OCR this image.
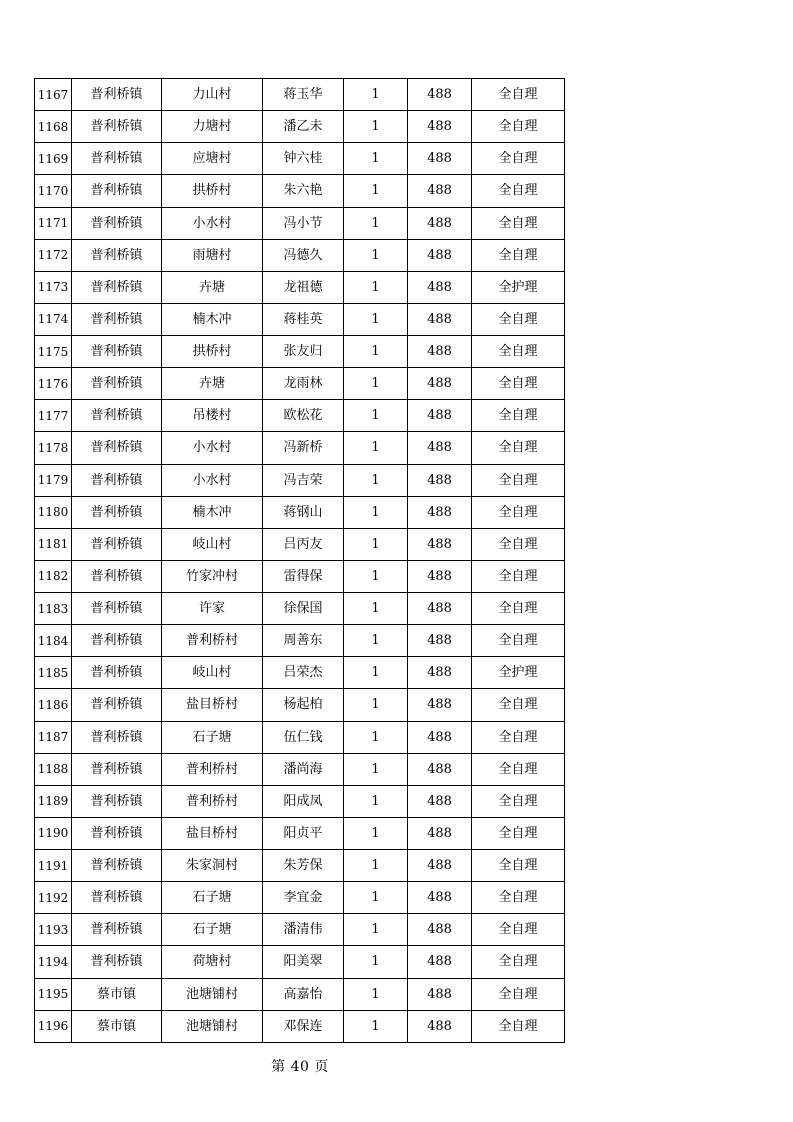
1167	普利桥镇	力山村	蒋玉华	1	488	全自理
1168	普利桥镇	力塘村	潘乙未	1	488	全自理
1169	普利桥镇	应塘村	钟六桂	1	488	全自理
1170	普利桥镇	拱桥村	朱六艳	1	488	全自理
1171	普利桥镇	小水村	冯小节	1	488	全自理
1172	普利桥镇	雨塘村	冯德久	1	488	全自理
1173	普利桥镇	卉塘	龙祖德	1	488	全护理
1174	普利桥镇	楠木冲	蒋桂英	1	488	全自理
1175	普利桥镇	拱桥村	张友归	1	488	全自理
1176	普利桥镇	卉塘	龙雨林	1	488	全自理
1177	普利桥镇	吊楼村	欧松花	1	488	全自理
1178	普利桥镇	小水村	冯新桥	1	488	全自理
1179	普利桥镇	小水村	冯吉荣	1	488	全自理
1180	普利桥镇	楠木冲	蒋钢山	1	488	全自理
1181	普利桥镇	岐山村	吕丙友	1	488	全自理
1182	普利桥镇	竹家冲村	雷得保	1	488	全自理
1183	普利桥镇	许家	徐保国	1	488	全自理
1184	普利桥镇	普利桥村	周善东	1	488	全自理
1185	普利桥镇	岐山村	吕荣杰	1	488	全护理
1186	普利桥镇	盐目桥村	杨起柏	1	488	全自理
1187	普利桥镇	石子塘	伍仁钱	1	488	全自理
1188	普利桥镇	普利桥村	潘尚海	1	488	全自理
1189	普利桥镇	普利桥村	阳成凤	1	488	全自理
1190	普利桥镇	盐目桥村	阳贞平	1	488	全自理
1191	普利桥镇	朱家洞村	朱芳保	1	488	全自理
1192	普利桥镇	石子塘	李宜金	1	488	全自理
1193	普利桥镇	石子塘	潘清伟	1	488	全自理
1194	普利桥镇	荷塘村	阳美翠	1	488	全自理
1195	蔡市镇	池塘铺村	高嘉怡	1	488	全自理
1196	蔡市镇	池塘铺村	邓保连	1	488	全自理
第 40 页
